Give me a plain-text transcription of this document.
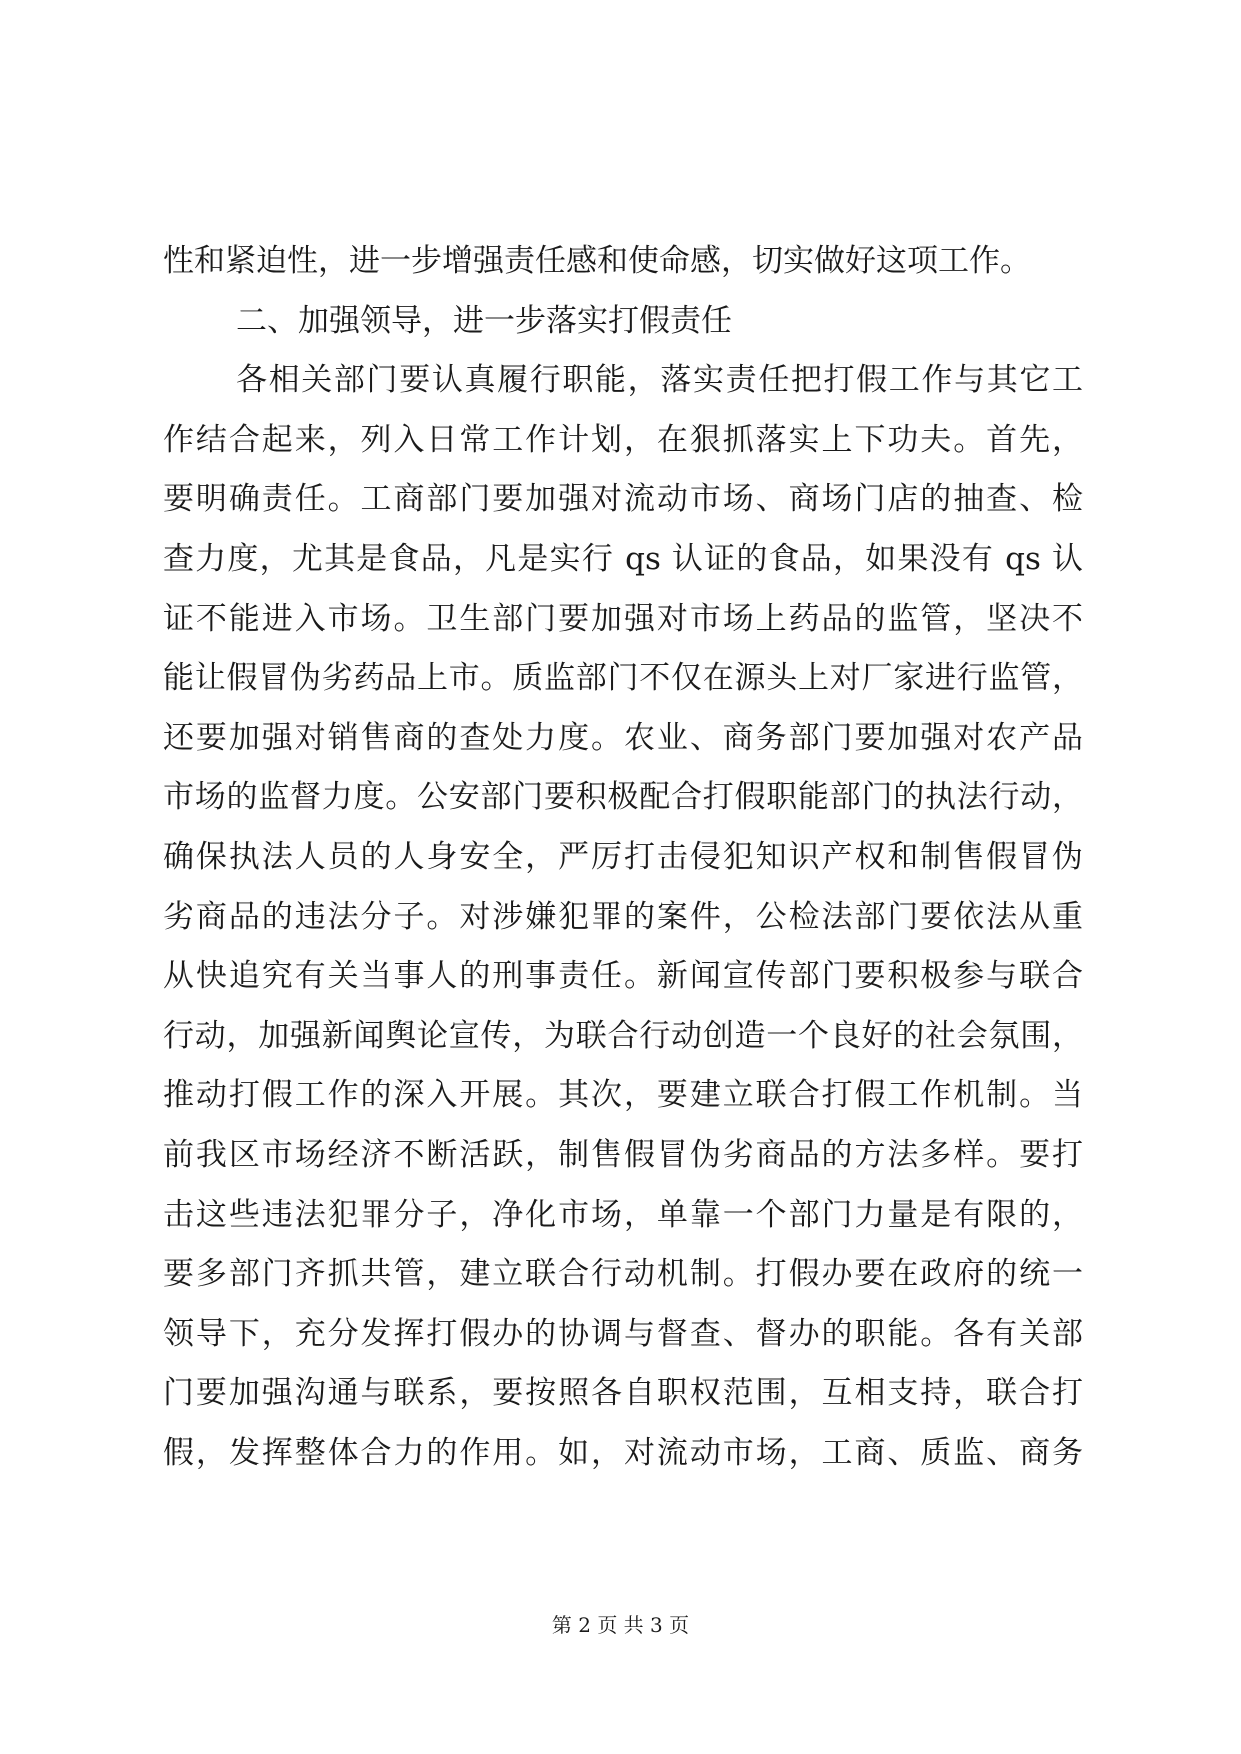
性和紧迫性，进一步增强责任感和使命感，切实做好这项工作。
二、加强领导，进一步落实打假责任
各相关部门要认真履行职能，落实责任把打假工作与其它工
作结合起来，列入日常工作计划，在狠抓落实上下功夫。首先，
要明确责任。工商部门要加强对流动市场、商场门店的抽查、检
查力度，尤其是食品，凡是实行 qs 认证的食品，如果没有 qs 认
证不能进入市场。卫生部门要加强对市场上药品的监管，坚决不
能让假冒伪劣药品上市。质监部门不仅在源头上对厂家进行监管，
还要加强对销售商的查处力度。农业、商务部门要加强对农产品
市场的监督力度。公安部门要积极配合打假职能部门的执法行动，
确保执法人员的人身安全，严厉打击侵犯知识产权和制售假冒伪
劣商品的违法分子。对涉嫌犯罪的案件，公检法部门要依法从重
从快追究有关当事人的刑事责任。新闻宣传部门要积极参与联合
行动，加强新闻舆论宣传，为联合行动创造一个良好的社会氛围，
推动打假工作的深入开展。其次，要建立联合打假工作机制。当
前我区市场经济不断活跃，制售假冒伪劣商品的方法多样。要打
击这些违法犯罪分子，净化市场，单靠一个部门力量是有限的，
要多部门齐抓共管，建立联合行动机制。打假办要在政府的统一
领导下，充分发挥打假办的协调与督查、督办的职能。各有关部
门要加强沟通与联系，要按照各自职权范围，互相支持，联合打
假，发挥整体合力的作用。如，对流动市场，工商、质监、商务
第 2 页 共 3 页
